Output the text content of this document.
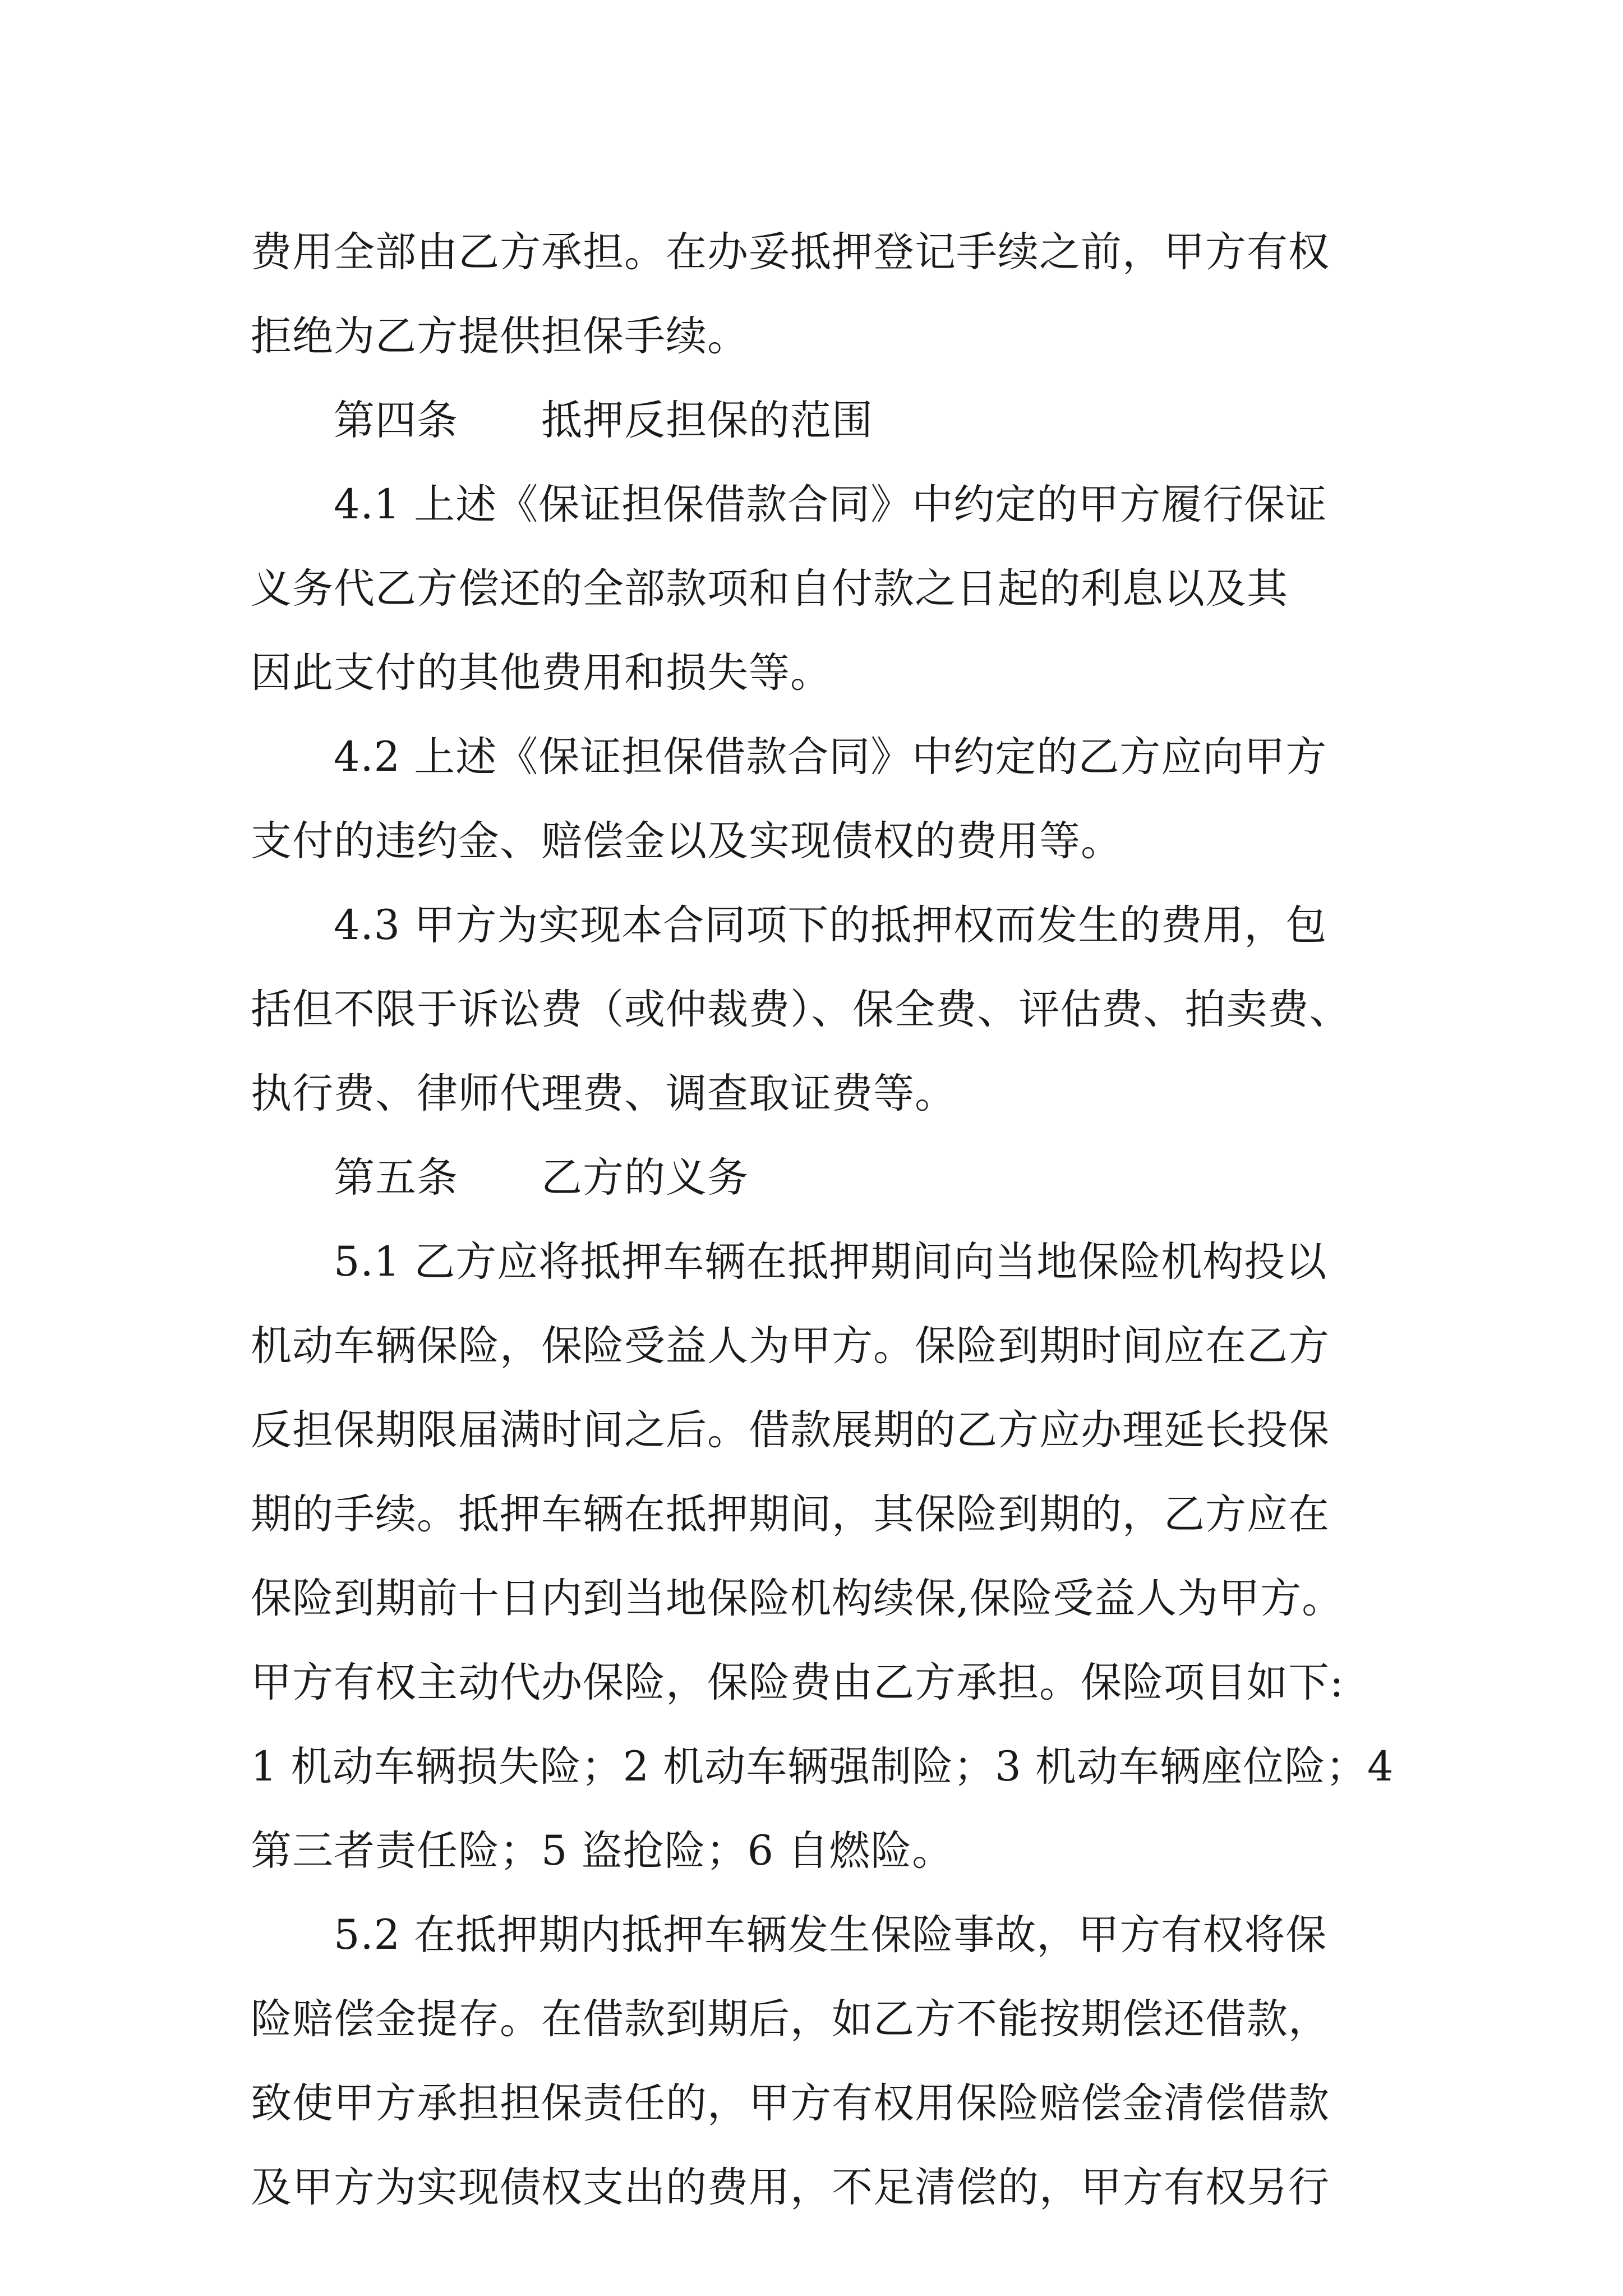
费用全部由乙方承担。在办妥抵押登记手续之前，甲方有权
拒绝为乙方提供担保手续。

第四条　　抵押反担保的范围

4.1 上述《保证担保借款合同》中约定的甲方履行保证
义务代乙方偿还的全部款项和自付款之日起的利息以及其
因此支付的其他费用和损失等。

4.2 上述《保证担保借款合同》中约定的乙方应向甲方
支付的违约金、赔偿金以及实现债权的费用等。

4.3 甲方为实现本合同项下的抵押权而发生的费用，包
括但不限于诉讼费（或仲裁费）、保全费、评估费、拍卖费、
执行费、律师代理费、调查取证费等。

第五条　　乙方的义务

5.1 乙方应将抵押车辆在抵押期间向当地保险机构投以
机动车辆保险，保险受益人为甲方。保险到期时间应在乙方
反担保期限届满时间之后。借款展期的乙方应办理延长投保
期的手续。抵押车辆在抵押期间，其保险到期的，乙方应在
保险到期前十日内到当地保险机构续保,保险受益人为甲方。
甲方有权主动代办保险，保险费由乙方承担。保险项目如下:
1 机动车辆损失险；2 机动车辆强制险；3 机动车辆座位险；4
第三者责任险；5 盗抢险；6 自燃险。

5.2 在抵押期内抵押车辆发生保险事故，甲方有权将保
险赔偿金提存。在借款到期后，如乙方不能按期偿还借款，
致使甲方承担担保责任的，甲方有权用保险赔偿金清偿借款
及甲方为实现债权支出的费用，不足清偿的，甲方有权另行
